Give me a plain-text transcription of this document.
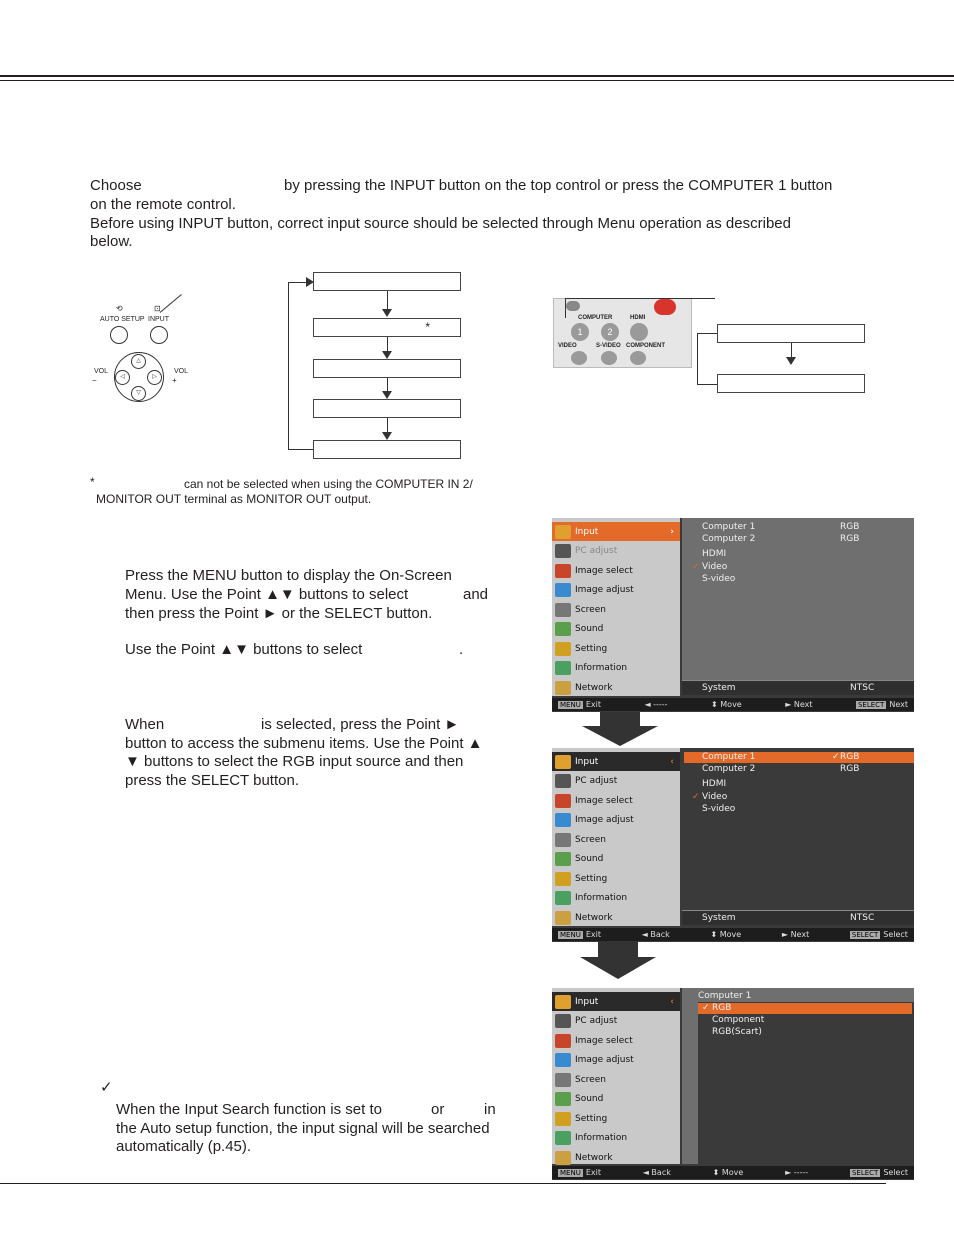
Choose	by pressing the INPUT button on the top control or press the COMPUTER 1 button
on the remote control.
Before using INPUT button, correct input source should be selected through Menu operation as described
below.
⟲
AUTO SETUP
⊡
INPUT
△
▽
◁	▷
VOL
−
VOL
+
*
COMPUTER	HDMI
1	2
VIDEO	S-VIDEO COMPONENT
*	can not be selected when using the COMPUTER IN 2/
MONITOR OUT terminal as MONITOR OUT output.
Press the MENU button to display the On-Screen
Menu. Use the Point ▲▼ buttons to select	and
then press the Point ► or the SELECT button.
Use the Point ▲▼ buttons to select	.
When	is selected, press the Point ►
button to access the submenu items. Use the Point ▲
▼ buttons to select the RGB input source and then
press the SELECT button.
✓
When the Input Search function is set to	or	in
the Auto setup function, the input signal will be searched
automatically (p.45).
Input	›
PC adjust
Image select
Image adjust
Screen
Sound
Setting
Information
Network
Computer 1	RGB
Computer 2	RGB
HDMI
✓ Video
S-video
System	NTSC
MENU Exit	◄ -----	⬍ Move	► Next	SELECT Next
Input	‹
PC adjust
Image select
Image adjust
Screen
Sound
Setting
Information
Network
Computer 1	✓ RGB
Computer 2	RGB
HDMI
✓ Video
S-video
System	NTSC
MENU Exit	◄ Back	⬍ Move	► Next	SELECT Select
Input	‹
PC adjust
Image select
Image adjust
Screen
Sound
Setting
Information
Network
Computer 1
✓ RGB
Component
RGB(Scart)
MENU Exit	◄ Back	⬍ Move	► -----	SELECT Select
